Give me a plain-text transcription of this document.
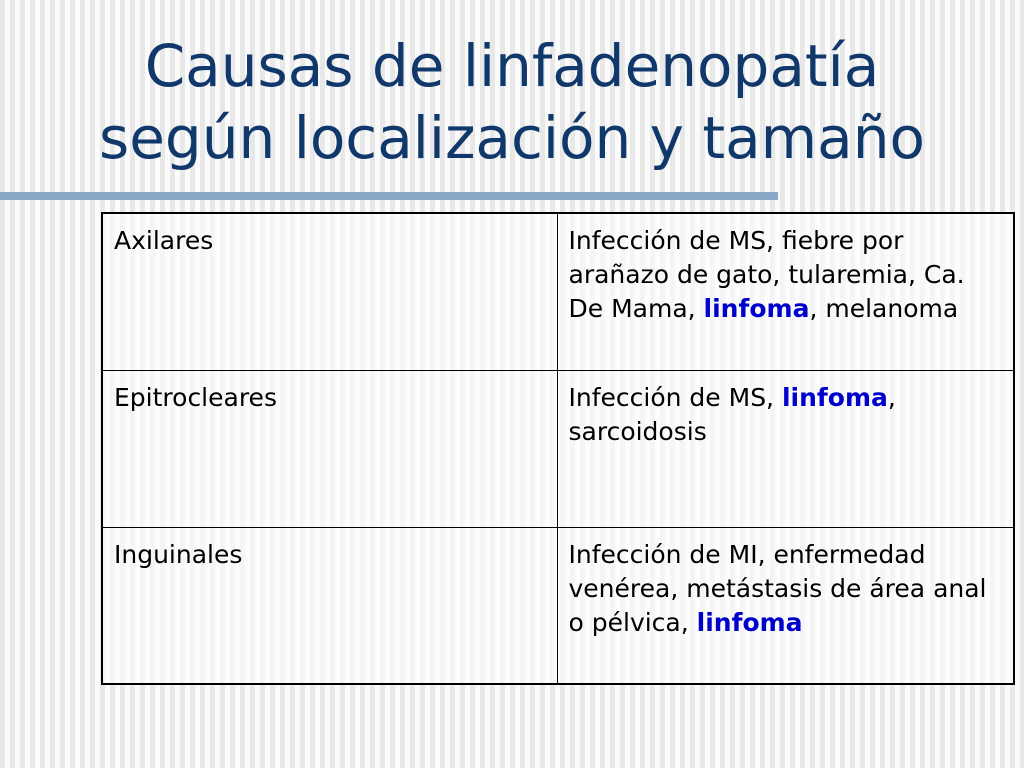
Causas de linfadenopatía
según localización y tamaño
Axilares	Infección de MS, fiebre por arañazo de gato, tularemia, Ca. De Mama, linfoma, melanoma
Epitrocleares	Infección de MS, linfoma, sarcoidosis
Inguinales	Infección de MI, enfermedad venérea, metástasis de área anal o pélvica, linfoma
